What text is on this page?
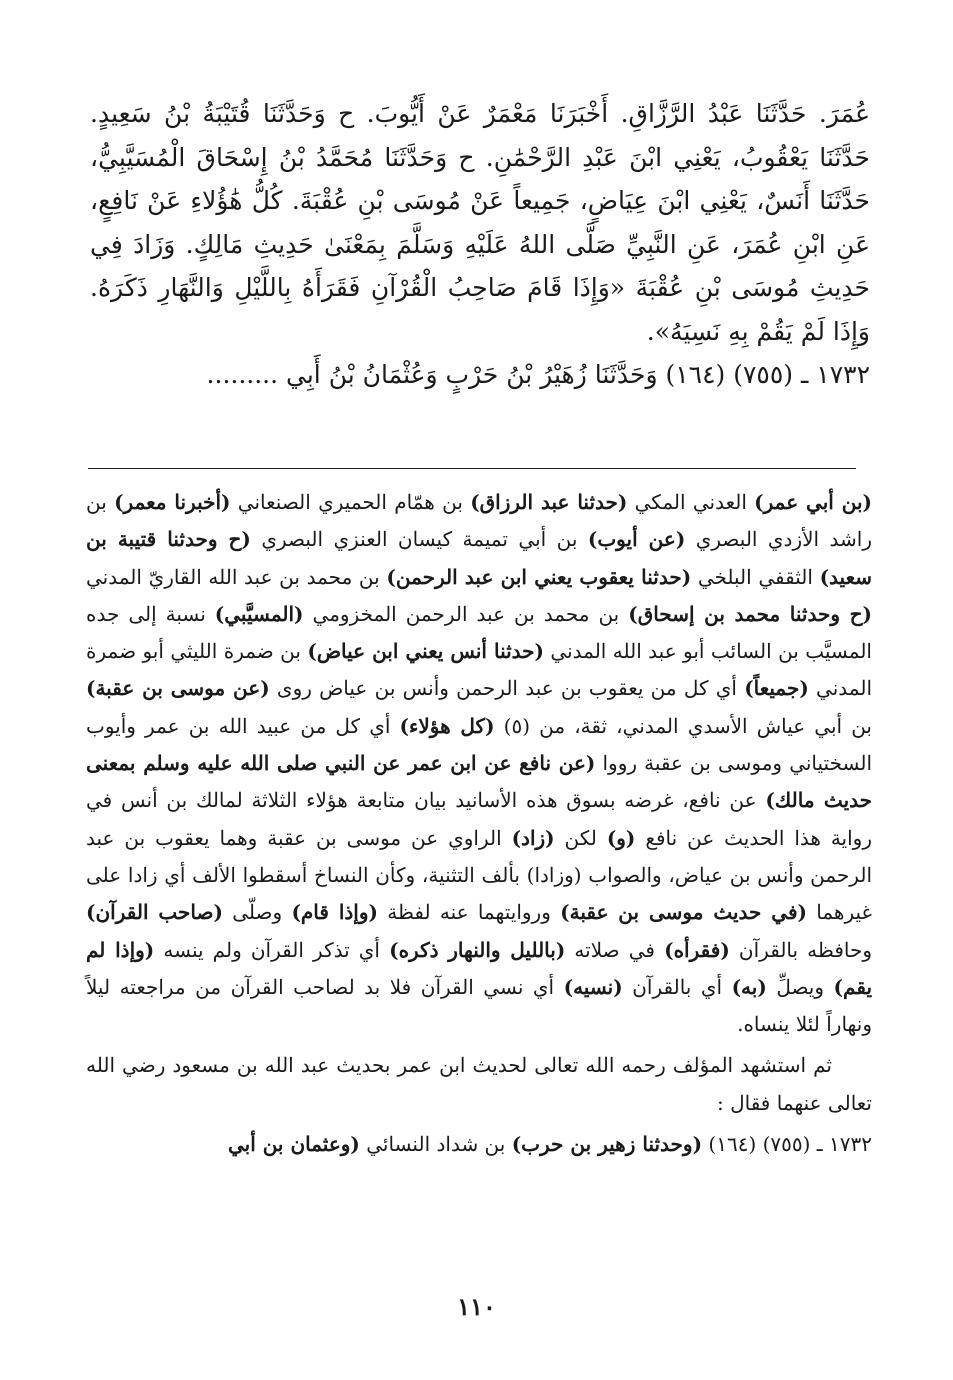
عُمَرَ. حَدَّثَنَا عَبْدُ الرَّزَّاقِ. أَخْبَرَنَا مَعْمَرٌ عَنْ أَيُّوبَ. ح وَحَدَّثَنَا قُتَيْبَةُ بْنُ سَعِيدٍ. حَدَّثَنَا يَعْقُوبُ، يَعْنِي ابْنَ عَبْدِ الرَّحْمَٰنِ. ح وَحَدَّثَنَا مُحَمَّدُ بْنُ إِسْحَاقَ الْمُسَيَّبِيُّ، حَدَّثَنَا أَنَسٌ، يَعْنِي ابْنَ عِيَاضٍ، جَمِيعاً عَنْ مُوسَى بْنِ عُقْبَةَ. كُلُّ هَٰؤُلاءِ عَنْ نَافِعٍ، عَنِ ابْنِ عُمَرَ، عَنِ النَّبِيِّ صَلَّى اللهُ عَلَيْهِ وَسَلَّمَ بِمَعْنَىٰ حَدِيثِ مَالِكٍ. وَزَادَ فِي حَدِيثِ مُوسَى بْنِ عُقْبَةَ «وَإِذَا قَامَ صَاحِبُ الْقُرْآنِ فَقَرَأَهُ بِاللَّيْلِ وَالنَّهَارِ ذَكَرَهُ. وَإِذَا لَمْ يَقُمْ بِهِ نَسِيَهُ».

١٧٣٢ ـ (٧٥٥) (١٦٤) وَحَدَّثَنَا زُهَيْرُ بْنُ حَرْبٍ وَعُثْمَانُ بْنُ أَبِي .........

(بن أبي عمر) العدني المكي (حدثنا عبد الرزاق) بن همّام الحميري الصنعاني (أخبرنا معمر) بن راشد الأزدي البصري (عن أيوب) بن أبي تميمة كيسان العنزي البصري (ح وحدثنا قتيبة بن سعيد) الثقفي البلخي (حدثنا يعقوب يعني ابن عبد الرحمن) بن محمد بن عبد الله القاريّ المدني (ح وحدثنا محمد بن إسحاق) بن محمد بن عبد الرحمن المخزومي (المسيَّبي) نسبة إلى جده المسيَّب بن السائب أبو عبد الله المدني (حدثنا أنس يعني ابن عياض) بن ضمرة الليثي أبو ضمرة المدني (جميعاً) أي كل من يعقوب بن عبد الرحمن وأنس بن عياض روى (عن موسى بن عقبة) بن أبي عياش الأسدي المدني، ثقة، من (٥) (كل هؤلاء) أي كل من عبيد الله بن عمر وأيوب السختياني وموسى بن عقبة رووا (عن نافع عن ابن عمر عن النبي صلى الله عليه وسلم بمعنى حديث مالك) عن نافع، غرضه بسوق هذه الأسانيد بيان متابعة هؤلاء الثلاثة لمالك بن أنس في رواية هذا الحديث عن نافع (و) لكن (زاد) الراوي عن موسى بن عقبة وهما يعقوب بن عبد الرحمن وأنس بن عياض، والصواب (وزادا) بألف التثنية، وكأن النساخ أسقطوا الألف أي زادا على غيرهما (في حديث موسى بن عقبة) وروايتهما عنه لفظة (وإذا قام) وصلّى (صاحب القرآن) وحافظه بالقرآن (فقرأه) في صلاته (بالليل والنهار ذكره) أي تذكر القرآن ولم ينسه (وإذا لم يقم) ويصلِّ (به) أي بالقرآن (نسيه) أي نسي القرآن فلا بد لصاحب القرآن من مراجعته ليلاً ونهاراً لئلا ينساه.

ثم استشهد المؤلف رحمه الله تعالى لحديث ابن عمر بحديث عبد الله بن مسعود رضي الله تعالى عنهما فقال :

١٧٣٢ ـ (٧٥٥) (١٦٤) (وحدثنا زهير بن حرب) بن شداد النسائي (وعثمان بن أبي

١١٠
